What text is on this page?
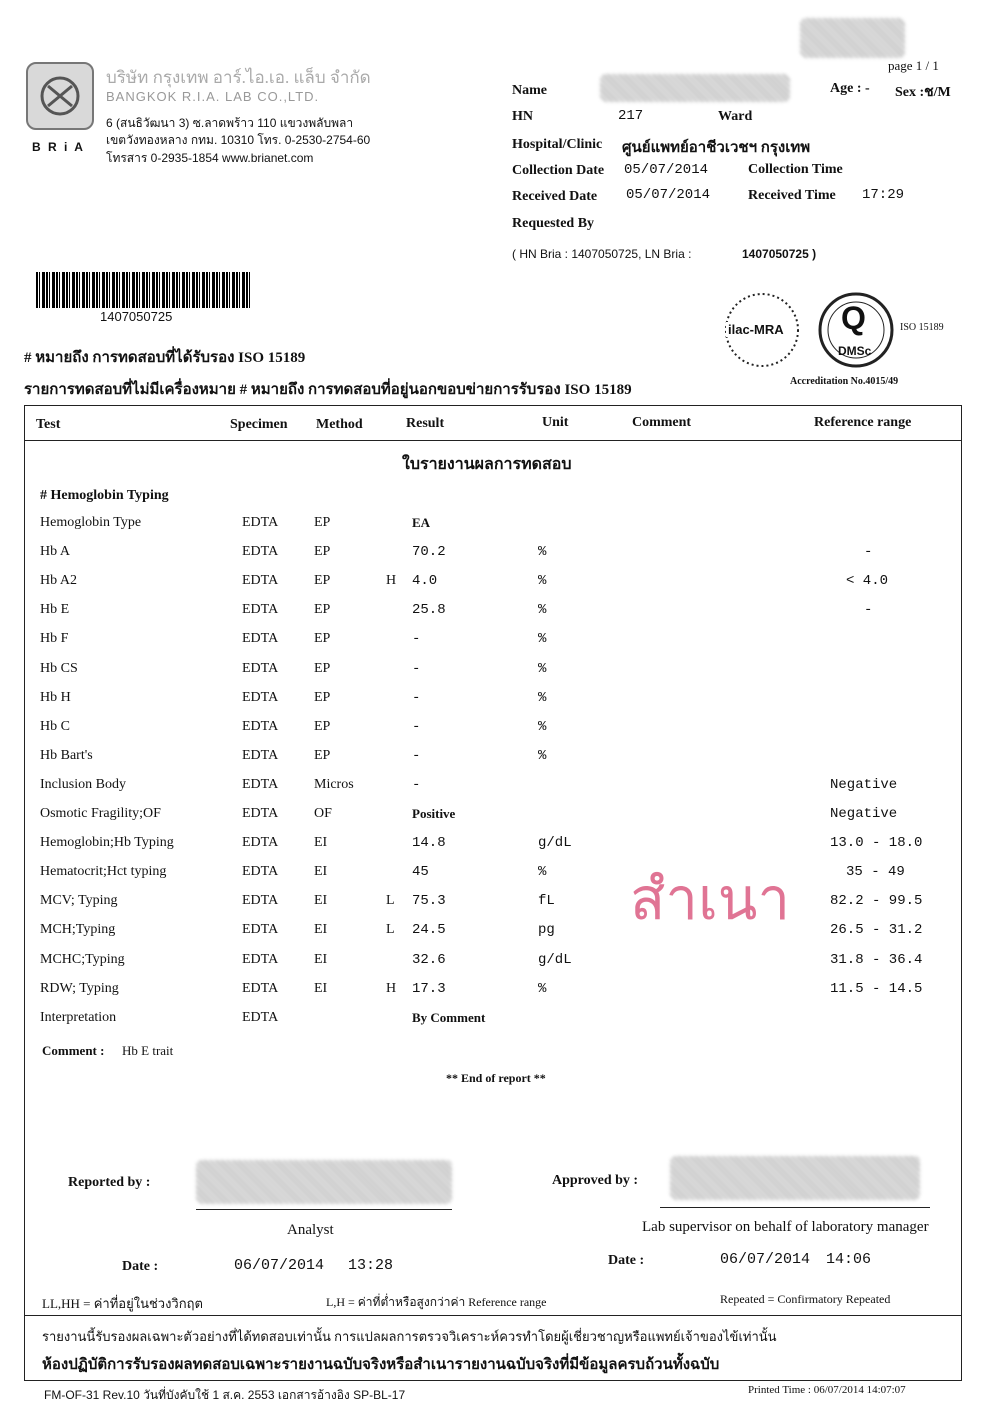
B R i A
บริษัท กรุงเทพ อาร์.ไอ.เอ. แล็บ จำกัด
BANGKOK R.I.A. LAB CO.,LTD.
6 (สนธิวัฒนา 3) ซ.ลาดพร้าว 110 แขวงพลับพลา
เขตวังทองหลาง กทม. 10310 โทร. 0-2530-2754-60
โทรสาร 0-2935-1854 www.brianet.com
page 1 / 1
Name	Age : - Sex :ช/M
HN	217	Ward
Hospital/Clinic ศูนย์แพทย์อาชีวเวชฯ กรุงเทพ
Collection Date 05/07/2014	Collection Time
Received Date 05/07/2014	Received Time 17:29
Requested By
( HN Bria : 1407050725, LN Bria :	1407050725 )
1407050725
ilac-MRA Q
DMSc
ISO 15189
Accreditation No.4015/49
# หมายถึง การทดสอบที่ได้รับรอง ISO 15189
รายการทดสอบที่ไม่มีเครื่องหมาย # หมายถึง การทดสอบที่อยู่นอกขอบข่ายการรับรอง ISO 15189
Test	Specimen Method	Result	Unit	Comment	Reference range
ใบรายงานผลการทดสอบ
# Hemoglobin Typing
Hemoglobin Type	EDTA	EP	EA
Hb A	EDTA	EP	70.2	%	-
Hb A2	EDTA	EP	H 4.0	%	< 4.0
Hb E	EDTA	EP	25.8	%	-
Hb F	EDTA	EP	-	%
Hb CS	EDTA	EP	-	%
Hb H	EDTA	EP	-	%
Hb C	EDTA	EP	-	%
Hb Bart's	EDTA	EP	-	%
Inclusion Body	EDTA	Micros	-	Negative
Osmotic Fragility;OF	EDTA	OF	Positive	Negative
Hemoglobin;Hb Typing	EDTA	EI	14.8	g/dL	13.0 - 18.0
Hematocrit;Hct typing	EDTA	EI	45	%	35 - 49
MCV; Typing	EDTA	EI	L 75.3	fL	82.2 - 99.5
MCH;Typing	EDTA	EI	L 24.5	pg	26.5 - 31.2
MCHC;Typing	EDTA	EI	32.6	g/dL	31.8 - 36.4
RDW; Typing	EDTA	EI	H 17.3	%	11.5 - 14.5
Interpretation	EDTA	By Comment
Comment : Hb E trait
** End of report **
สำเนา
Reported by :
Analyst
Approved by :
Lab supervisor on behalf of laboratory manager
Date :	06/07/2014 13:28	Date :	06/07/2014 14:06
LL,HH = ค่าที่อยู่ในช่วงวิกฤต	L,H = ค่าที่ต่ำหรือสูงกว่าค่า Reference range	Repeated = Confirmatory Repeated
รายงานนี้รับรองผลเฉพาะตัวอย่างที่ได้ทดสอบเท่านั้น การแปลผลการตรวจวิเคราะห์ควรทำโดยผู้เชี่ยวชาญหรือแพทย์เจ้าของไข้เท่านั้น
ห้องปฏิบัติการรับรองผลทดสอบเฉพาะรายงานฉบับจริงหรือสำเนารายงานฉบับจริงที่มีข้อมูลครบถ้วนทั้งฉบับ
FM-OF-31 Rev.10 วันที่บังคับใช้ 1 ส.ค. 2553 เอกสารอ้างอิง SP-BL-17	Printed Time : 06/07/2014 14:07:07
